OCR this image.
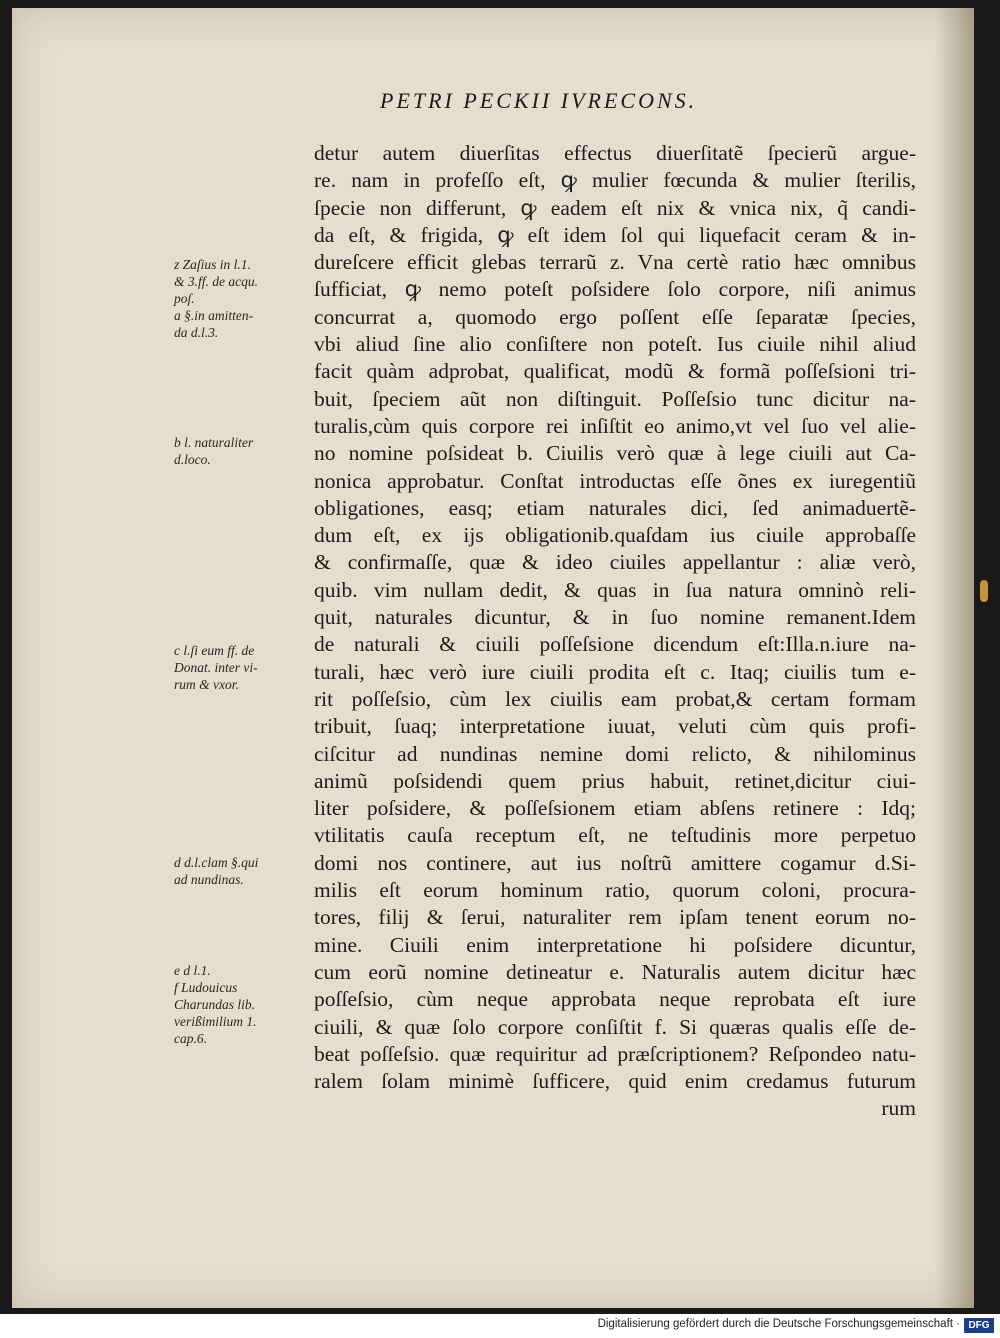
PETRI PECKII IVRECONS.
detur autem diuerſitas effectus diuerſitatẽ ſpecierũ argue-
re. nam in profeſſo eſt, ꝙ mulier fœcunda & mulier ſterilis,
ſpecie non differunt, ꝙ eadem eſt nix & vnica nix, q̃ candi-
da eſt, & frigida, ꝙ eſt idem ſol qui liquefacit ceram & in-
dureſcere efficit glebas terrarũ z. Vna certè ratio hæc omnibus
ſufficiat, ꝙ nemo poteſt poſsidere ſolo corpore, niſi animus
concurrat a, quomodo ergo poſſent eſſe ſeparatæ ſpecies,
vbi aliud ſine alio conſiſtere non poteſt. Ius ciuile nihil aliud
facit quàm adprobat, qualificat, modũ & formã poſſeſsioni tri-
buit, ſpeciem aũt non diſtinguit. Poſſeſsio tunc dicitur na-
turalis,cùm quis corpore rei inſiſtit eo animo,vt vel ſuo vel alie-
no nomine poſsideat b. Ciuilis verò quæ à lege ciuili aut Ca-
nonica approbatur. Conſtat introductas eſſe õnes ex iuregentiũ
obligationes, easq; etiam naturales dici, ſed animaduertẽ-
dum eſt, ex ijs obligationib.quaſdam ius ciuile approbaſſe
& confirmaſſe, quæ & ideo ciuiles appellantur : aliæ verò,
quib. vim nullam dedit, & quas in ſua natura omninò reli-
quit, naturales dicuntur, & in ſuo nomine remanent.Idem
de naturali & ciuili poſſeſsione dicendum eſt:Illa.n.iure na-
turali, hæc verò iure ciuili prodita eſt c. Itaq; ciuilis tum e-
rit poſſeſsio, cùm lex ciuilis eam probat,& certam formam
tribuit, ſuaq; interpretatione iuuat, veluti cùm quis profi-
ciſcitur ad nundinas nemine domi relicto, & nihilominus
animũ poſsidendi quem prius habuit, retinet,dicitur ciui-
liter poſsidere, & poſſeſsionem etiam abſens retinere : Idq;
vtilitatis cauſa receptum eſt, ne teſtudinis more perpetuo
domi nos continere, aut ius noſtrũ amittere cogamur d.Si-
milis eſt eorum hominum ratio, quorum coloni, procura-
tores, filij & ſerui, naturaliter rem ipſam tenent eorum no-
mine. Ciuili enim interpretatione hi poſsidere dicuntur,
cum eorũ nomine detineatur e. Naturalis autem dicitur hæc
poſſeſsio, cùm neque approbata neque reprobata eſt iure
ciuili, & quæ ſolo corpore conſiſtit f. Si quæras qualis eſſe de-
beat poſſeſsio. quæ requiritur ad præſcriptionem? Reſpondeo natu-
ralem ſolam minimè ſufficere, quid enim credamus futurum
rum
z Zaſius in l.1.
& 3.ff. de acqu.
poſ.
a §.in amitten-
da d.l.3.
b l. naturaliter
d.loco.
c l.ſi eum ff. de
Donat. inter vi-
rum & vxor.
d d.l.clam §.qui
ad nundinas.
e d l.1.
f Ludouicus
Charundas lib.
verißimilium 1.
cap.6.
Digitalisierung gefördert durch die Deutsche Forschungsgemeinschaft · DFG
